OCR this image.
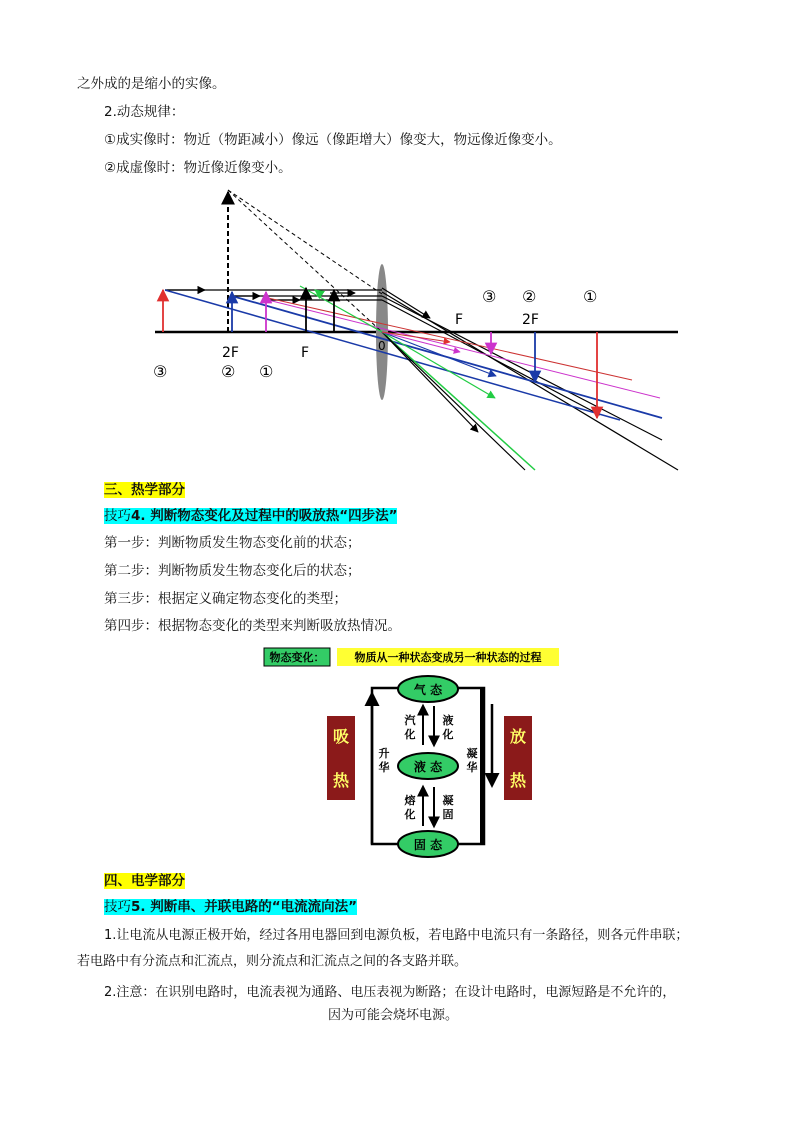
之外成的是缩小的实像。
2.动态规律：
①成实像时：物近（物距减小）像远（像距增大）像变大，物远像近像变小。
②成虚像时：物近像近像变小。
③	② ①
2F	F	0
F	2F
③ ②	①
三、热学部分
技巧4. 判断物态变化及过程中的吸放热“四步法”
第一步：判断物质发生物态变化前的状态；
第二步：判断物质发生物态变化后的状态；
第三步：根据定义确定物态变化的类型；
第四步：根据物态变化的类型来判断吸放热情况。
物态变化：	物质从一种状态变成另一种状态的过程
气 态
液 态
固 态
汽
化
液
化
熔
化
凝
固
升
华
凝
华
吸
热
放
热
四、电学部分
技巧5. 判断串、并联电路的“电流流向法”
1.让电流从电源正极开始，经过各用电器回到电源负板，若电路中电流只有一条路径，则各元件串联；
若电路中有分流点和汇流点，则分流点和汇流点之间的各支路并联。
2.注意：在识别电路时，电流表视为通路、电压表视为断路；在设计电路时，电源短路是不允许的，
因为可能会烧坏电源。
